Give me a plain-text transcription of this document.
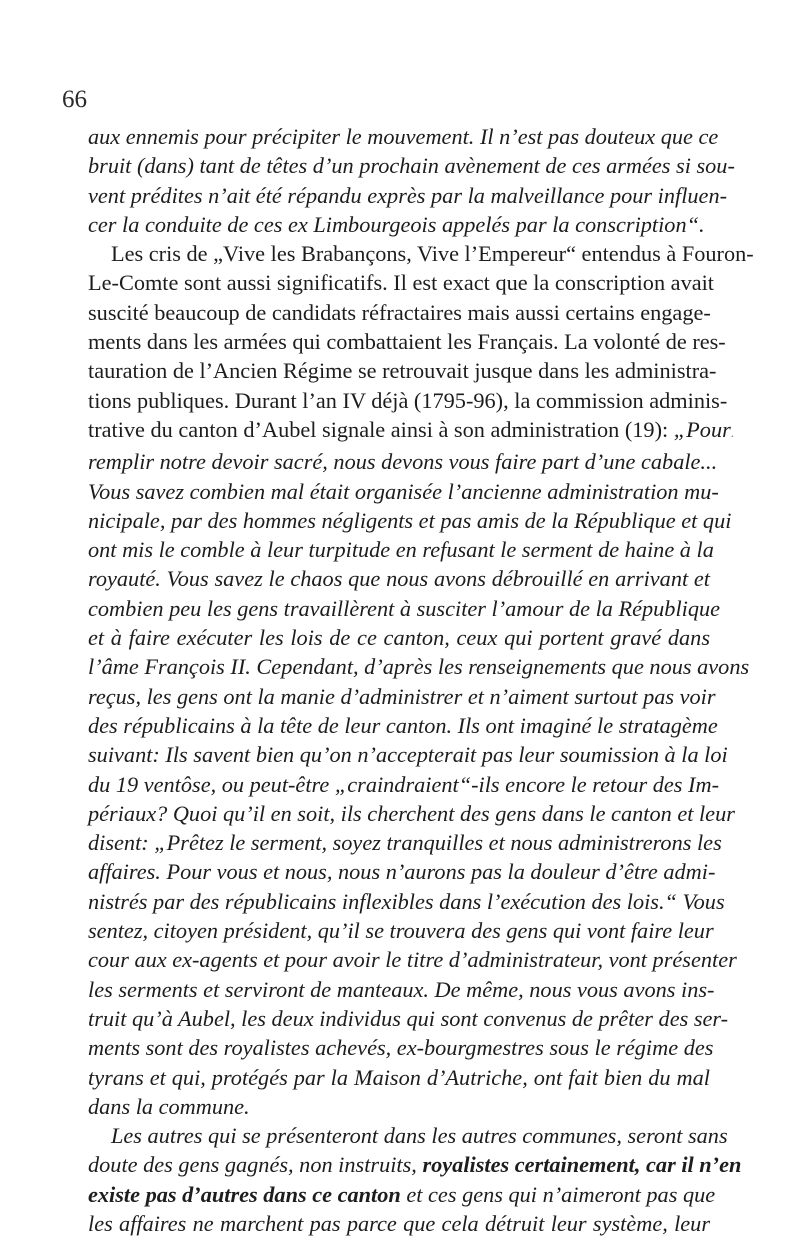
66
aux ennemis pour précipiter le mouvement. Il n’est pas douteux que ce
bruit (dans) tant de têtes d’un prochain avènement de ces armées si sou-
vent prédites n’ait été répandu exprès par la malveillance pour influen-
cer la conduite de ces ex Limbourgeois appelés par la conscription“.
Les cris de „Vive les Brabançons, Vive l’Empereur“ entendus à Fouron-
Le-Comte sont aussi significatifs. Il est exact que la conscription avait
suscité beaucoup de candidats réfractaires mais aussi certains engage-
ments dans les armées qui combattaient les Français. La volonté de res-
tauration de l’Ancien Régime se retrouvait jusque dans les administra-
tions publiques. Durant l’an IV déjà (1795-96), la commission adminis-
trative du canton d’Aubel signale ainsi à son administration (19): „Pour.
remplir notre devoir sacré, nous devons vous faire part d’une cabale...
Vous savez combien mal était organisée l’ancienne administration mu-
nicipale, par des hommes négligents et pas amis de la République et qui
ont mis le comble à leur turpitude en refusant le serment de haine à la
royauté. Vous savez le chaos que nous avons débrouillé en arrivant et
combien peu les gens travaillèrent à susciter l’amour de la République
et à faire exécuter les lois de ce canton, ceux qui portent gravé dans
l’âme François II. Cependant, d’après les renseignements que nous avons
reçus, les gens ont la manie d’administrer et n’aiment surtout pas voir
des républicains à la tête de leur canton. Ils ont imaginé le stratagème
suivant: Ils savent bien qu’on n’accepterait pas leur soumission à la loi
du 19 ventôse, ou peut-être „craindraient“-ils encore le retour des Im-
périaux? Quoi qu’il en soit, ils cherchent des gens dans le canton et leur
disent: „Prêtez le serment, soyez tranquilles et nous administrerons les
affaires. Pour vous et nous, nous n’aurons pas la douleur d’être admi-
nistrés par des républicains inflexibles dans l’exécution des lois.“ Vous
sentez, citoyen président, qu’il se trouvera des gens qui vont faire leur
cour aux ex-agents et pour avoir le titre d’administrateur, vont présenter
les serments et serviront de manteaux. De même, nous vous avons ins-
truit qu’à Aubel, les deux individus qui sont convenus de prêter des ser-
ments sont des royalistes achevés, ex-bourgmestres sous le régime des
tyrans et qui, protégés par la Maison d’Autriche, ont fait bien du mal
dans la commune.
Les autres qui se présenteront dans les autres communes, seront sans
doute des gens gagnés, non instruits, royalistes certainement, car il n’en
existe pas d’autres dans ce canton et ces gens qui n’aimeront pas que
les affaires ne marchent pas parce que cela détruit leur système, leur
